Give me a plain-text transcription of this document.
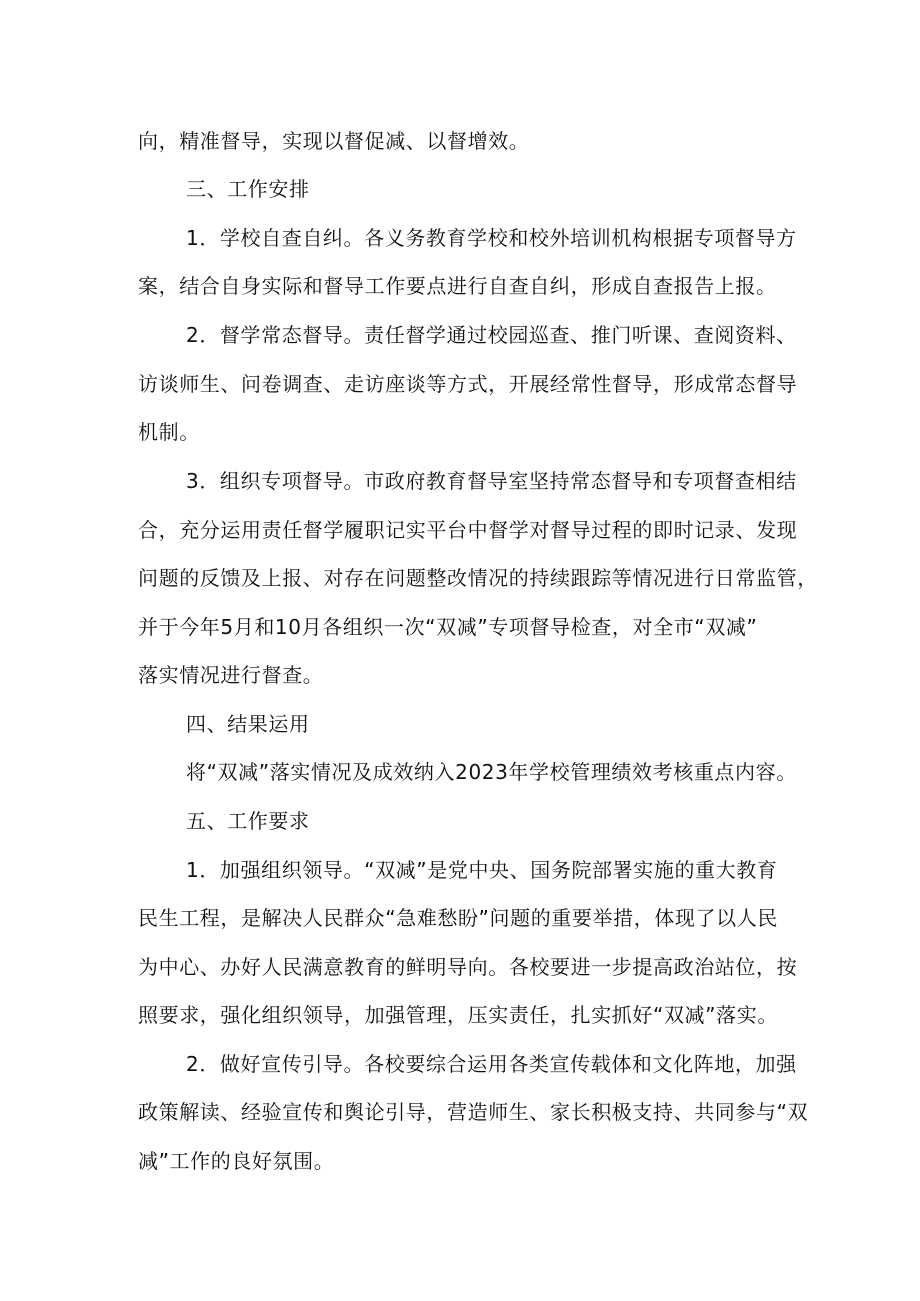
向，精准督导，实现以督促减、以督增效。
三、工作安排
1．学校自查自纠。各义务教育学校和校外培训机构根据专项督导方
案，结合自身实际和督导工作要点进行自查自纠，形成自查报告上报。
2．督学常态督导。责任督学通过校园巡查、推门听课、查阅资料、
访谈师生、问卷调查、走访座谈等方式，开展经常性督导，形成常态督导
机制。
3．组织专项督导。市政府教育督导室坚持常态督导和专项督查相结
合，充分运用责任督学履职记实平台中督学对督导过程的即时记录、发现
问题的反馈及上报、对存在问题整改情况的持续跟踪等情况进行日常监管，
并于今年5月和10月各组织一次“双减”专项督导检查，对全市“双减”
落实情况进行督查。
四、结果运用
将“双减”落实情况及成效纳入2023年学校管理绩效考核重点内容。
五、工作要求
1．加强组织领导。“双减”是党中央、国务院部署实施的重大教育
民生工程，是解决人民群众“急难愁盼”问题的重要举措，体现了以人民
为中心、办好人民满意教育的鲜明导向。各校要进一步提高政治站位，按
照要求，强化组织领导，加强管理，压实责任，扎实抓好“双减”落实。
2．做好宣传引导。各校要综合运用各类宣传载体和文化阵地，加强
政策解读、经验宣传和舆论引导，营造师生、家长积极支持、共同参与“双
减”工作的良好氛围。
